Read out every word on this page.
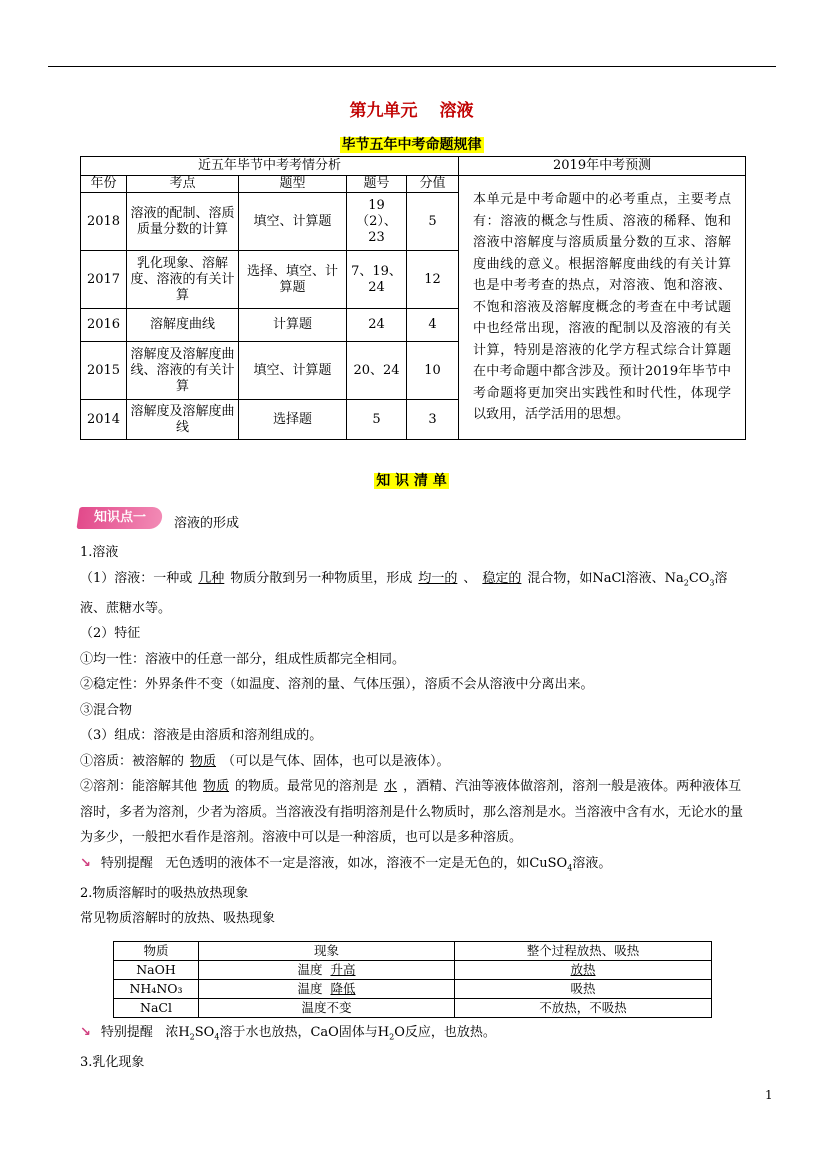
第九单元 溶液
毕节五年中考命题规律
近五年毕节中考考情分析					2019年中考预测
年份	考点	题型	题号	分值	本单元是中考命题中的必考重点，主要考点有：溶液的概念与性质、溶液的稀释、饱和溶液中溶解度与溶质质量分数的互求、溶解度曲线的意义。根据溶解度曲线的有关计算也是中考考查的热点，对溶液、饱和溶液、不饱和溶液及溶解度概念的考查在中考试题中也经常出现，溶液的配制以及溶液的有关计算，特别是溶液的化学方程式综合计算题在中考命题中都含涉及。预计2019年毕节中考命题将更加突出实践性和时代性，体现学以致用，活学活用的思想。
2018	溶液的配制、溶质质量分数的计算	填空、计算题	19（2）、23	5	
2017	乳化现象、溶解度、溶液的有关计算	选择、填空、计算题	7、19、24	12	
2016	溶解度曲线	计算题	24	4	
2015	溶解度及溶解度曲线、溶液的有关计算	填空、计算题	20、24	10	
2014	溶解度及溶解度曲线	选择题	5	3	
知 识 清 单
知识点一	溶液的形成

1.溶液

（1）溶液：一种或 几种 物质分散到另一种物质里，形成 均一的 、 稳定的 混合物，如NaCl溶液、$Na_2CO_3$溶液、蔗糖水等。

（2）特征

①均一性：溶液中的任意一部分，组成性质都完全相同。

②稳定性：外界条件不变（如温度、溶剂的量、气体压强），溶质不会从溶液中分离出来。

③混合物

（3）组成：溶液是由溶质和溶剂组成的。

①溶质：被溶解的 物质 （可以是气体、固体，也可以是液体）。

②溶剂：能溶解其他 物质 的物质。最常见的溶剂是 水 ，酒精、汽油等液体做溶剂，溶剂一般是液体。两种液体互溶时，多者为溶剂，少者为溶质。当溶液没有指明溶剂是什么物质时，那么溶剂是水。当溶液中含有水，无论水的量为多少，一般把水看作是溶剂。溶液中可以是一种溶质，也可以是多种溶质。

↘ 特别提醒 无色透明的液体不一定是溶液，如冰，溶液不一定是无色的，如CuSO$_4$溶液。

2.物质溶解时的吸热放热现象

常见物质溶解时的放热、吸热现象

物质	现象	整个过程放热、吸热
NaOH	温度 升高	放热
NH₄NO₃	温度 降低	吸热
NaCl	温度不变	不放热，不吸热

↘ 特别提醒 浓$H_2SO_4$溶于水也放热，CaO固体与$H_2O$反应，也放热。

3.乳化现象

1
